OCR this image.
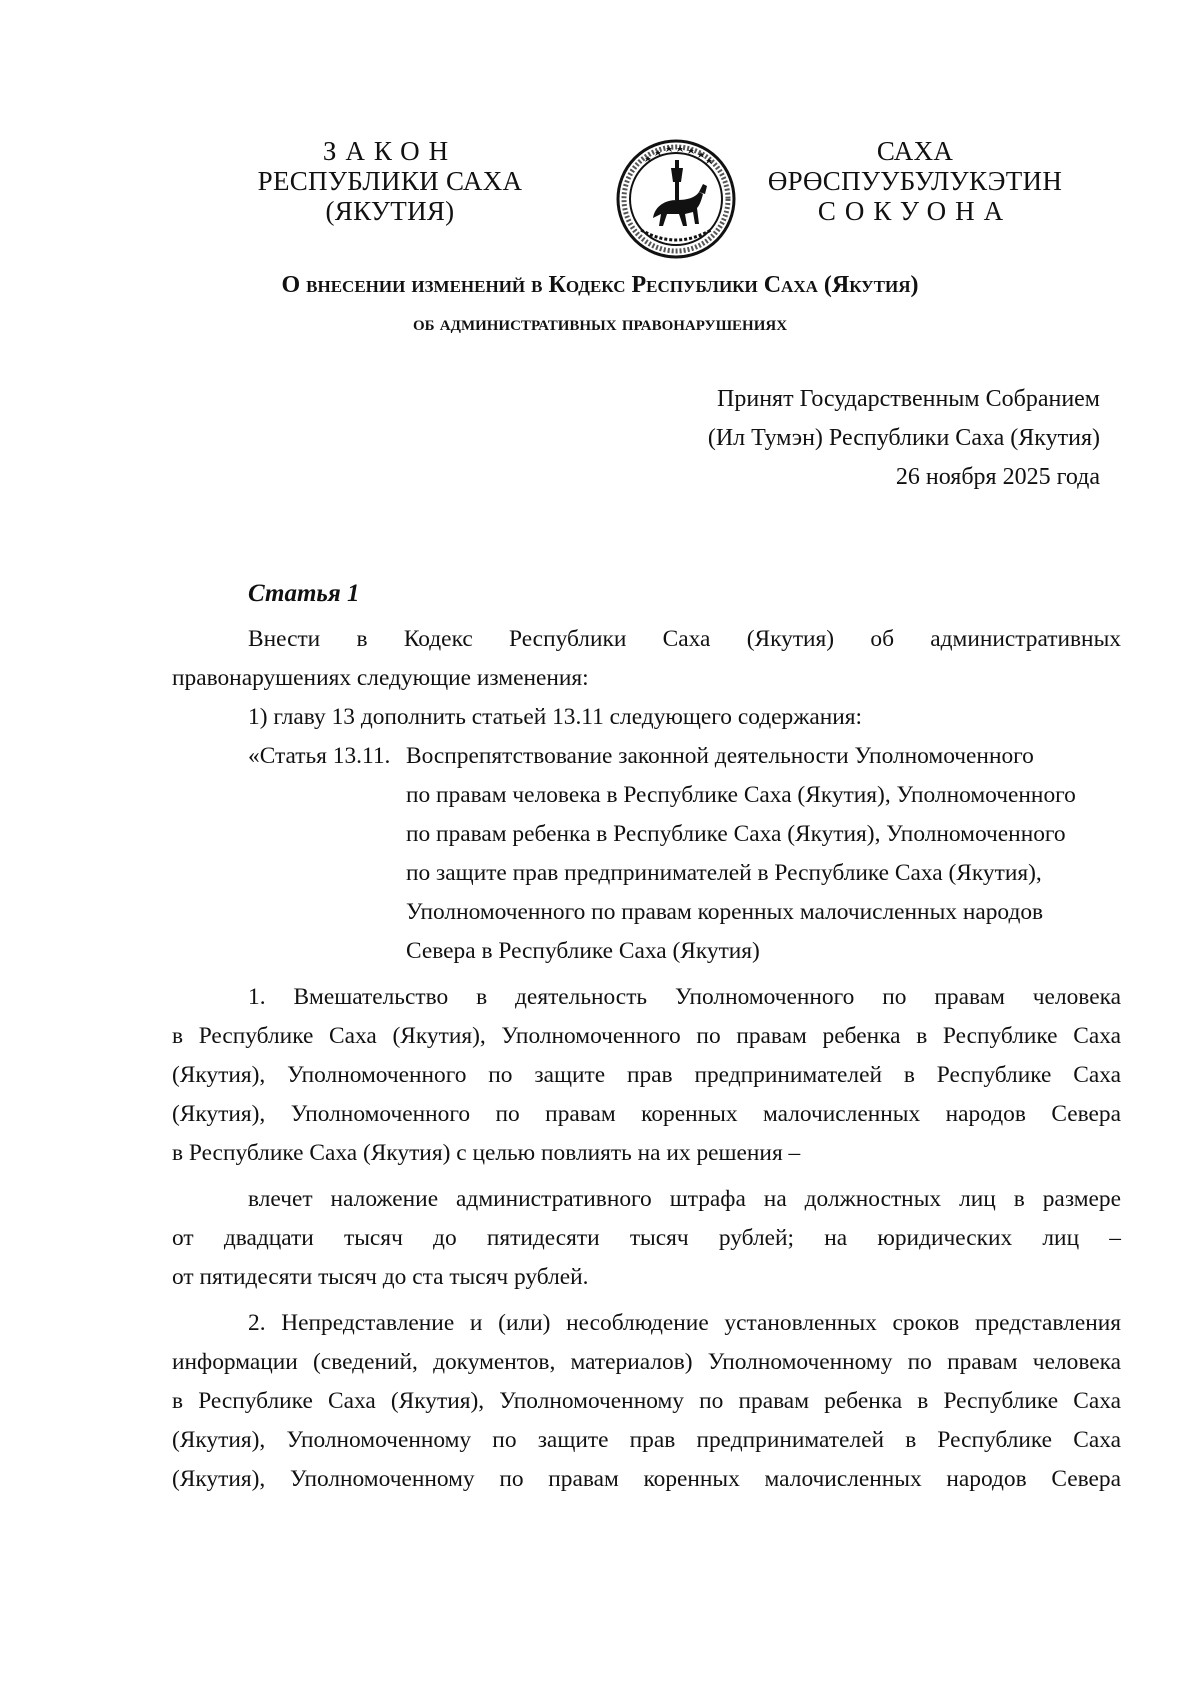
ЗАКОН
РЕСПУБЛИКИ САХА (ЯКУТИЯ)
САХА ӨРӨСПУУБУЛУКЭТИН
СОКУОНА
О внесении изменений в Кодекс Республики Саха (Якутия)
об административных правонарушениях
Принят Государственным Собранием
(Ил Тумэн) Республики Саха (Якутия)
26 ноября 2025 года
Статья 1
Внести в Кодекс Республики Саха (Якутия) об административных
правонарушениях следующие изменения:
1) главу 13 дополнить статьей 13.11 следующего содержания:
«Статья 13.11. Воспрепятствование законной деятельности Уполномоченного
по правам человека в Республике Саха (Якутия), Уполномоченного
по правам ребенка в Республике Саха (Якутия), Уполномоченного
по защите прав предпринимателей в Республике Саха (Якутия),
Уполномоченного по правам коренных малочисленных народов
Севера в Республике Саха (Якутия)
1. Вмешательство в деятельность Уполномоченного по правам человека
в Республике Саха (Якутия), Уполномоченного по правам ребенка в Республике Саха
(Якутия), Уполномоченного по защите прав предпринимателей в Республике Саха
(Якутия), Уполномоченного по правам коренных малочисленных народов Севера
в Республике Саха (Якутия) с целью повлиять на их решения –
влечет наложение административного штрафа на должностных лиц в размере
от двадцати тысяч до пятидесяти тысяч рублей; на юридических лиц –
от пятидесяти тысяч до ста тысяч рублей.
2. Непредставление и (или) несоблюдение установленных сроков представления
информации (сведений, документов, материалов) Уполномоченному по правам человека
в Республике Саха (Якутия), Уполномоченному по правам ребенка в Республике Саха
(Якутия), Уполномоченному по защите прав предпринимателей в Республике Саха
(Якутия), Уполномоченному по правам коренных малочисленных народов Севера
